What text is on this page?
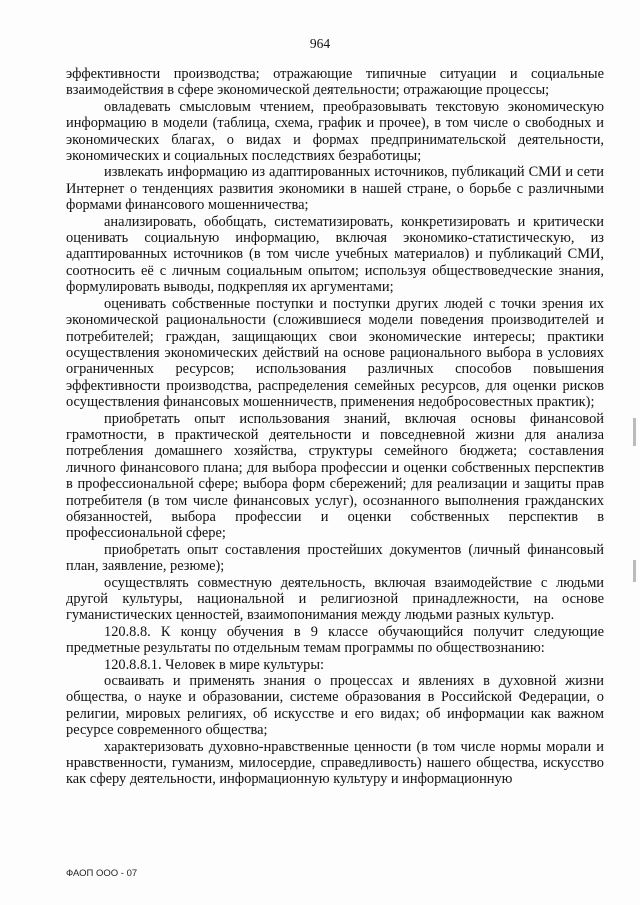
964

эффективности производства; отражающие типичные ситуации и социальные взаимодействия в сфере экономической деятельности; отражающие процессы;

овладевать смысловым чтением, преобразовывать текстовую экономическую информацию в модели (таблица, схема, график и прочее), в том числе о свободных и экономических благах, о видах и формах предпринимательской деятельности, экономических и социальных последствиях безработицы;

извлекать информацию из адаптированных источников, публикаций СМИ и сети Интернет о тенденциях развития экономики в нашей стране, о борьбе с различными формами финансового мошенничества;

анализировать, обобщать, систематизировать, конкретизировать и критически оценивать социальную информацию, включая экономико-статистическую, из адаптированных источников (в том числе учебных материалов) и публикаций СМИ, соотносить её с личным социальным опытом; используя обществоведческие знания, формулировать выводы, подкрепляя их аргументами;

оценивать собственные поступки и поступки других людей с точки зрения их экономической рациональности (сложившиеся модели поведения производителей и потребителей; граждан, защищающих свои экономические интересы; практики осуществления экономических действий на основе рационального выбора в условиях ограниченных ресурсов; использования различных способов повышения эффективности производства, распределения семейных ресурсов, для оценки рисков осуществления финансовых мошенничеств, применения недобросовестных практик);

приобретать опыт использования знаний, включая основы финансовой грамотности, в практической деятельности и повседневной жизни для анализа потребления домашнего хозяйства, структуры семейного бюджета; составления личного финансового плана; для выбора профессии и оценки собственных перспектив в профессиональной сфере; выбора форм сбережений; для реализации и защиты прав потребителя (в том числе финансовых услуг), осознанного выполнения гражданских обязанностей, выбора профессии и оценки собственных перспектив в профессиональной сфере;

приобретать опыт составления простейших документов (личный финансовый план, заявление, резюме);

осуществлять совместную деятельность, включая взаимодействие с людьми другой культуры, национальной и религиозной принадлежности, на основе гуманистических ценностей, взаимопонимания между людьми разных культур.

120.8.8. К концу обучения в 9 классе обучающийся получит следующие предметные результаты по отдельным темам программы по обществознанию:

120.8.8.1. Человек в мире культуры:

осваивать и применять знания о процессах и явлениях в духовной жизни общества, о науке и образовании, системе образования в Российской Федерации, о религии, мировых религиях, об искусстве и его видах; об информации как важном ресурсе современного общества;

характеризовать духовно-нравственные ценности (в том числе нормы морали и нравственности, гуманизм, милосердие, справедливость) нашего общества, искусство как сферу деятельности, информационную культуру и информационную

ФАОП ООО - 07
